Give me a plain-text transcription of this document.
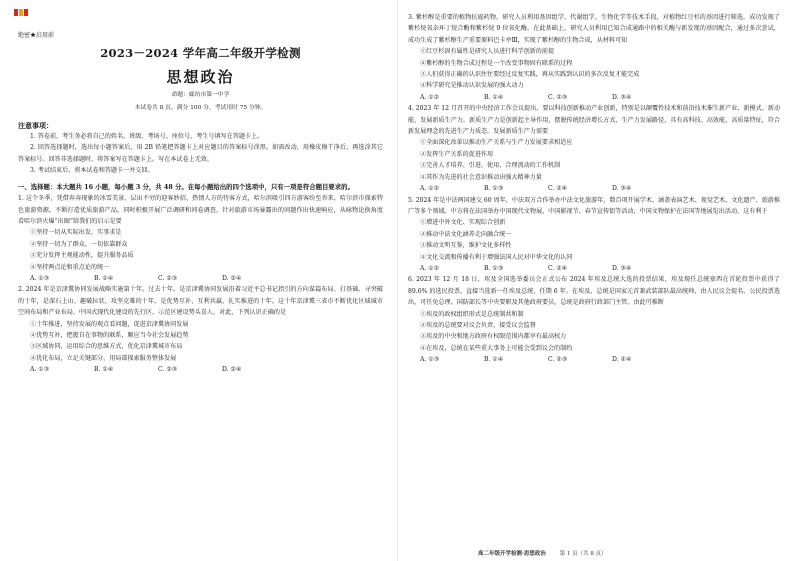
绝密★启用前
2023－2024 学年高二年级开学检测
思想政治
命题：廊坊市第一中学
本试卷共 8 页，满分 100 分，考试用时 75 分钟。
注意事项：

1. 答卷前，考生务必将自己的姓名、班级、考场号、座位号、考生号填写在答题卡上。

2. 回答选择题时，选出每小题答案后，用 2B 铅笔把答题卡上对应题目的答案标号涂黑。如需改动，用橡皮擦干净后，再选涂其它答案标号。回答非选择题时，将答案写在答题卡上。写在本试卷上无效。

3. 考试结束后，将本试卷和答题卡一并交回。

一、选择题：本大题共 16 小题，每小题 3 分，共 48 分。在每小题给出的四个选项中，只有一项是符合题目要求的。

1. 这个冬季，凭借奔奔现象的冰雪美景、层出不穷的迎客妙招、热情人方的待客方式，哈尔滨吸引四方游客纷至沓来。哈尔滨市探索特色旅游资源，不断打造优质旅游产品，同时积极开展广泛调研和问卷调查，针对旅游市场暴露出的问题作出快速响应，从咏物论换角度看哈尔滨火爆“出圈”给我们的启示是要

①坚持一切从实际出发，实事求是

②坚持一切为了群众，一切依靠群众

③充分发挥主观能动性，提升服务品质

④坚持两点论和重点论的统一

A. ①③	B. ①④	C. ②③	D. ②④

2. 2024 年是京津冀协同发展战略实施第十年。过去十年，是京津冀协同发展沿着习近平总书记指引的方向谋篇布局、打基础、寻突破的十年，是深石上山、趣破拉状、攻坚克难的十年，是优势互补、互利共赢、扎实推进的十年。这十年京津冀三省市不断优化区域城市空间布局和产业布局，中国式现代化建设的先行区、示范区建设势头喜人。对此，下列认识正确的是

①十年推进，坚持发展的观点看问题，促进京津冀协同发展

②优势互补，把握自在事物的联系，顺应当今社会发展趋势

③区域协同，运用综合的思维方式，优化京津冀城市布局

④优化布局，立足关键部分，用局部探索服务整体发展

A. ①③	B. ①④	C. ②③	D. ②④

3. 紫杉醇是重要的植物抗癌药物。研究人员利用基因组学、代谢组学、生物化学等技术手段，对植物红豆杉的基因进行筛选，成功发现了紫杉烷氧杂环丁烷合酶和紫杉烷 9 位氧化酶。在此基础上，研究人员利用已知合成通路中的相关酶与新发现的基因配合，通过多次尝试，成功生成了紫杉醇生产重要原料巴卡亭Ⅲ，实现了紫杉醇的生物合成，从材料可知

①红豆杉固有属性是研究人员进行科学创新的前提

②紫杉醇的生物合成过程是一个改变事物固有联系的过程

③人们获得正确的认识往往要经过反复实践，再从实践到认识的多次反复才能完成

④科学研究是推动认识发展的强大动力

A. ①②	B. ①④	C. ②③	D. ③④

4. 2023 年 12 月召开的中央经济工作会议提出，要以科技创新推动产业创新，特别是以颠覆性技术和前沿技术催生新产业、新模式、新动能，发展新质生产力。新质生产力是创新起主导作用，摆脱传统经济增长方式、生产力发展路径，具有高科技、高效能、高质量特征，符合新发展理念的先进生产力质态。发展新质生产力需要

①全面深化改革以推动生产关系与生产力发展要求相适应

②发挥生产关系的促进作用

③完善人才培养、引进、使用、合理流动的工作机制

④其作为先进的社会意识推动出强大精神力量

A. ①②	B. ①③	C. ②④	D. ③④

5. 2024 年是中法两国建交 60 周年，中法双方合作举办中法文化旅游年，数百项开展学术、涵盖表演艺术、视觉艺术、文化遗产、旅游推广等多个领域。中方将在法国举办中国现代文物展、中国影视节、春节宣传街等活动，中国文物保护在法国等地展览出活动，这有利于

①增进中外文化、实现综合创新

②推动中法文化涵养走向融合统一

③推动文明互鉴，维护文化多样性

④文化交流和传播有利于增强法国人民对中华文化的认同

A. ①②	B. ①③	C. ②④	D. ③④

6. 2023 年 12 月 18 日，埃及全国选举委员会正式公布 2024 年埃及总统大选的投票结果，埃及现任总统塞西在首轮投票中获得了 89.6% 的选民投票，直接当选新一任埃及总统，任期 6 年。在埃及，总统是国家元首兼武装部队最高统帅，由人民议会提名、公民投票选出，可任免总理、国防部长等中央要职及其他政府要员，总统是政府行政部门主管。由此可推断

①埃及的政权组织形式是总统制共和制

②埃及的总统要对议会负责，接受议会监督

③埃及的中央和地方政府有权限范围内都享有最高权力

④在埃及，总统在某些重大事务上可能会受到议会的制约

A. ①③	B. ①④	C. ②③	D. ②④
高二年级开学检测·思想政治	第 1 页（共 8 页）
